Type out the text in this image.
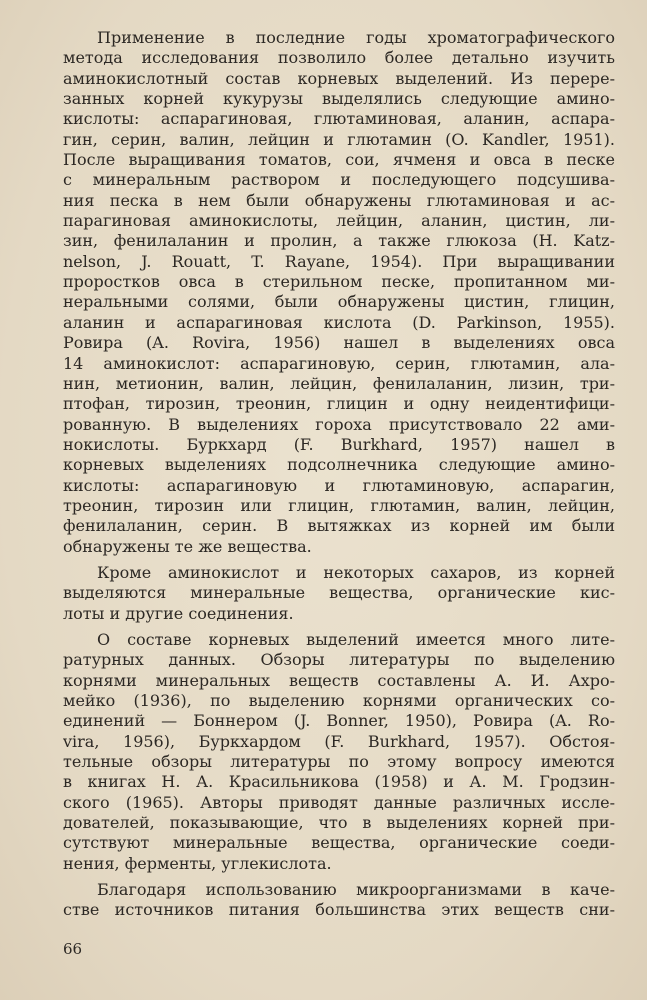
Применение в последние годы хроматографического
метода исследования позволило более детально изучить
аминокислотный состав корневых выделений. Из перере-
занных корней кукурузы выделялись следующие амино-
кислоты: аспарагиновая, глютаминовая, аланин, аспара-
гин, серин, валин, лейцин и глютамин (O. Kandler, 1951).
После выращивания томатов, сои, ячменя и овса в песке
с минеральным раствором и последующего подсушива-
ния песка в нем были обнаружены глютаминовая и ас-
парагиновая аминокислоты, лейцин, аланин, цистин, ли-
зин, фенилаланин и пролин, а также глюкоза (H. Katz-
nelson, J. Rouatt, T. Rayane, 1954). При выращивании
проростков овса в стерильном песке, пропитанном ми-
неральными солями, были обнаружены цистин, глицин,
аланин и аспарагиновая кислота (D. Parkinson, 1955).
Ровира (A. Rovira, 1956) нашел в выделениях овса
14 аминокислот: аспарагиновую, серин, глютамин, ала-
нин, метионин, валин, лейцин, фенилаланин, лизин, три-
птофан, тирозин, треонин, глицин и одну неидентифици-
рованную. В выделениях гороха присутствовало 22 ами-
нокислоты. Буркхард (F. Burkhard, 1957) нашел в
корневых выделениях подсолнечника следующие амино-
кислоты: аспарагиновую и глютаминовую, аспарагин,
треонин, тирозин или глицин, глютамин, валин, лейцин,
фенилаланин, серин. В вытяжках из корней им были
обнаружены те же вещества.
Кроме аминокислот и некоторых сахаров, из корней
выделяются минеральные вещества, органические кис-
лоты и другие соединения.
О составе корневых выделений имеется много лите-
ратурных данных. Обзоры литературы по выделению
корнями минеральных веществ составлены А. И. Ахро-
мейко (1936), по выделению корнями органических со-
единений — Боннером (J. Bonner, 1950), Ровира (A. Ro-
vira, 1956), Буркхардом (F. Burkhard, 1957). Обстоя-
тельные обзоры литературы по этому вопросу имеются
в книгах Н. А. Красильникова (1958) и А. М. Гродзин-
ского (1965). Авторы приводят данные различных иссле-
дователей, показывающие, что в выделениях корней при-
сутствуют минеральные вещества, органические соеди-
нения, ферменты, углекислота.
Благодаря использованию микроорганизмами в каче-
стве источников питания большинства этих веществ сни-
66
